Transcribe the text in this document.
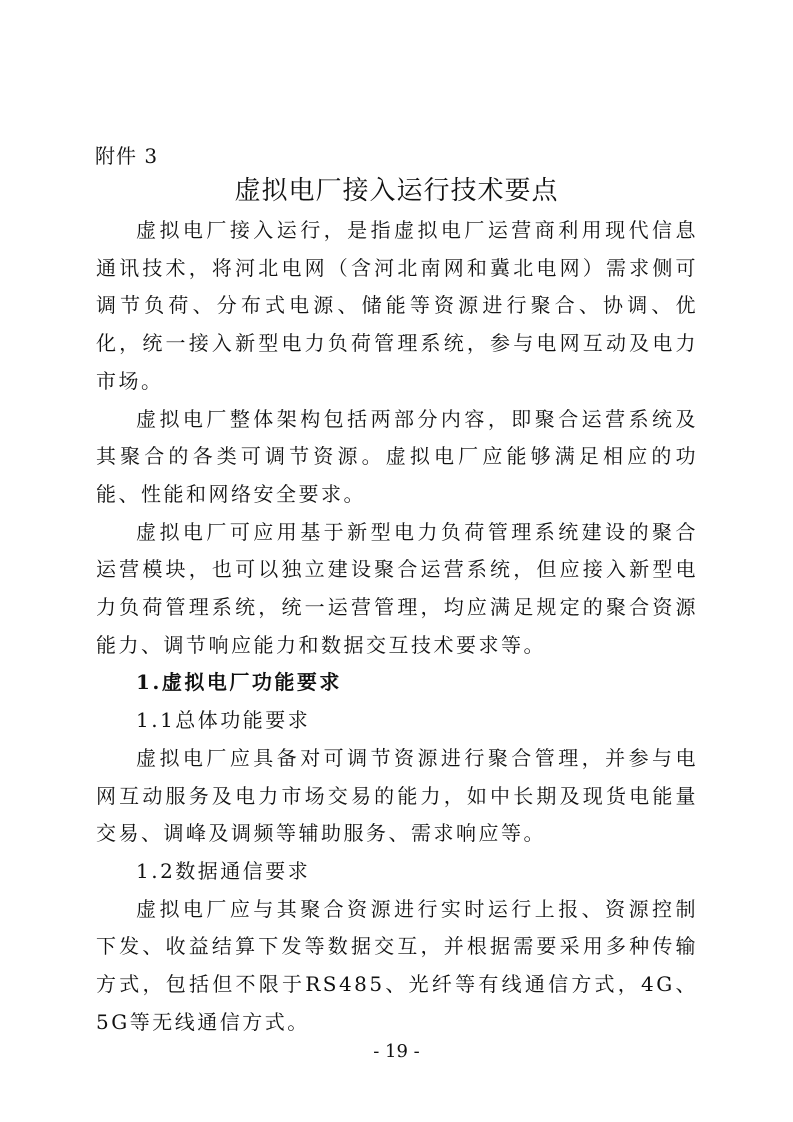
附件 3
虚拟电厂接入运行技术要点

虚拟电厂接入运行，是指虚拟电厂运营商利用现代信息通讯技术，将河北电网（含河北南网和冀北电网）需求侧可调节负荷、分布式电源、储能等资源进行聚合、协调、优化，统一接入新型电力负荷管理系统，参与电网互动及电力市场。

虚拟电厂整体架构包括两部分内容，即聚合运营系统及其聚合的各类可调节资源。虚拟电厂应能够满足相应的功能、性能和网络安全要求。

虚拟电厂可应用基于新型电力负荷管理系统建设的聚合运营模块，也可以独立建设聚合运营系统，但应接入新型电力负荷管理系统，统一运营管理，均应满足规定的聚合资源能力、调节响应能力和数据交互技术要求等。

1.虚拟电厂功能要求

1.1总体功能要求

虚拟电厂应具备对可调节资源进行聚合管理，并参与电网互动服务及电力市场交易的能力，如中长期及现货电能量交易、调峰及调频等辅助服务、需求响应等。

1.2数据通信要求

虚拟电厂应与其聚合资源进行实时运行上报、资源控制下发、收益结算下发等数据交互，并根据需要采用多种传输方式，包括但不限于RS485、光纤等有线通信方式，4G、5G等无线通信方式。

- 19 -
